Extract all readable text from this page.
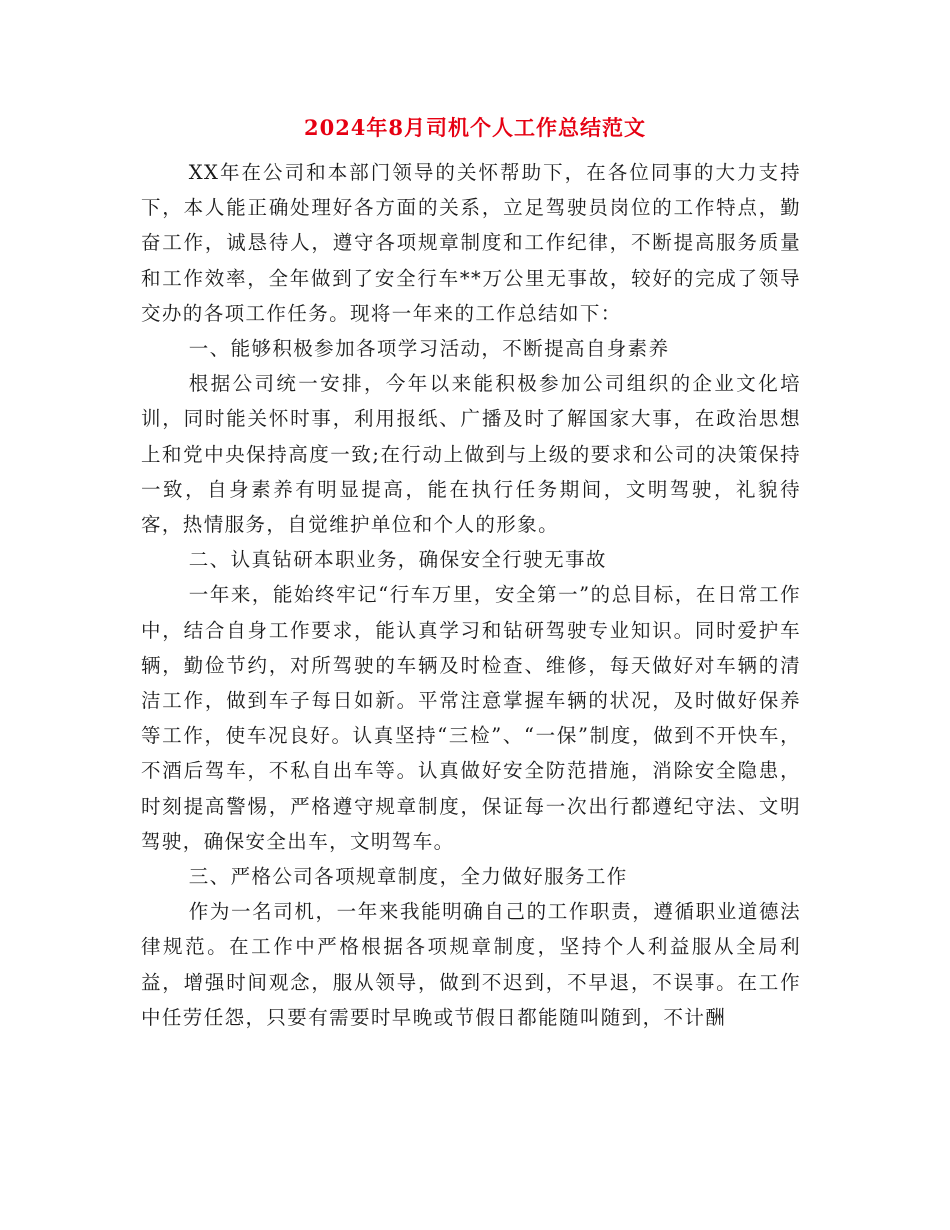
2024年8月司机个人工作总结范文

XX年在公司和本部门领导的关怀帮助下，在各位同事的大力支持下，本人能正确处理好各方面的关系，立足驾驶员岗位的工作特点，勤奋工作，诚恳待人，遵守各项规章制度和工作纪律，不断提高服务质量和工作效率，全年做到了安全行车**万公里无事故，较好的完成了领导交办的各项工作任务。现将一年来的工作总结如下：

一、能够积极参加各项学习活动，不断提高自身素养

根据公司统一安排，今年以来能积极参加公司组织的企业文化培训，同时能关怀时事，利用报纸、广播及时了解国家大事，在政治思想上和党中央保持高度一致;在行动上做到与上级的要求和公司的决策保持一致，自身素养有明显提高，能在执行任务期间，文明驾驶，礼貌待客，热情服务，自觉维护单位和个人的形象。

二、认真钻研本职业务，确保安全行驶无事故

一年来，能始终牢记“行车万里，安全第一”的总目标，在日常工作中，结合自身工作要求，能认真学习和钻研驾驶专业知识。同时爱护车辆，勤俭节约，对所驾驶的车辆及时检查、维修，每天做好对车辆的清洁工作，做到车子每日如新。平常注意掌握车辆的状况，及时做好保养等工作，使车况良好。认真坚持“三检”、“一保”制度，做到不开快车，不酒后驾车，不私自出车等。认真做好安全防范措施，消除安全隐患，时刻提高警惕，严格遵守规章制度，保证每一次出行都遵纪守法、文明驾驶，确保安全出车，文明驾车。

三、严格公司各项规章制度，全力做好服务工作

作为一名司机，一年来我能明确自己的工作职责，遵循职业道德法律规范。在工作中严格根据各项规章制度，坚持个人利益服从全局利益，增强时间观念，服从领导，做到不迟到，不早退，不误事。在工作中任劳任怨，只要有需要时早晚或节假日都能随叫随到，不计酬
